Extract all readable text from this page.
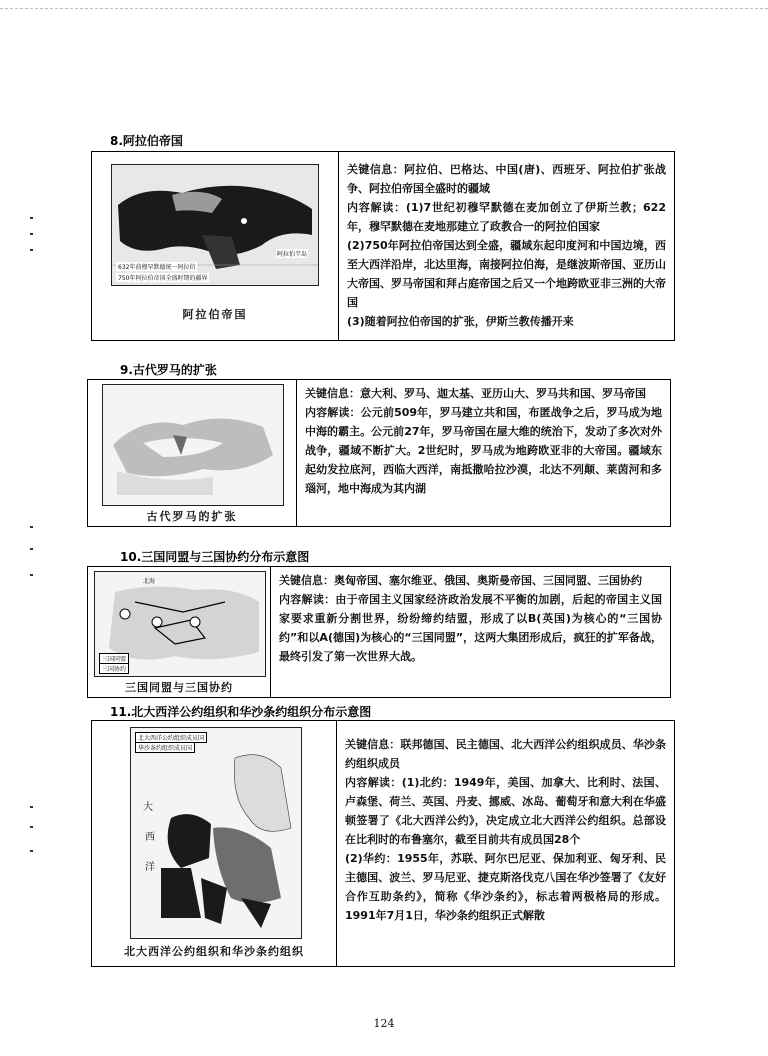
8.阿拉伯帝国
632年前穆罕默德统一阿拉伯
750年阿拉伯帝国全盛时期的疆界
阿拉伯半岛
阿拉伯帝国

关键信息：阿拉伯、巴格达、中国(唐)、西班牙、阿拉伯扩张战争、阿拉伯帝国全盛时的疆域

内容解读：(1)7世纪初穆罕默德在麦加创立了伊斯兰教；622年，穆罕默德在麦地那建立了政教合一的阿拉伯国家

(2)750年阿拉伯帝国达到全盛，疆域东起印度河和中国边境，西至大西洋沿岸，北达里海，南接阿拉伯海，是继波斯帝国、亚历山大帝国、罗马帝国和拜占庭帝国之后又一个地跨欧亚非三洲的大帝国

(3)随着阿拉伯帝国的扩张，伊斯兰教传播开来

9.古代罗马的扩张
古代罗马的扩张

关键信息：意大利、罗马、迦太基、亚历山大、罗马共和国、罗马帝国

内容解读：公元前509年，罗马建立共和国，布匿战争之后，罗马成为地中海的霸主。公元前27年，罗马帝国在屋大维的统治下，发动了多次对外战争，疆域不断扩大。2世纪时，罗马成为地跨欧亚非的大帝国。疆域东起幼发拉底河，西临大西洋，南抵撒哈拉沙漠，北达不列颠、莱茵河和多瑙河，地中海成为其内湖

10.三国同盟与三国协约分布示意图
北海
三国同盟
三国协约
三国同盟与三国协约

关键信息：奥匈帝国、塞尔维亚、俄国、奥斯曼帝国、三国同盟、三国协约

内容解读：由于帝国主义国家经济政治发展不平衡的加剧，后起的帝国主义国家要求重新分割世界，纷纷缔约结盟，形成了以B(英国)为核心的“三国协约”和以A(德国)为核心的“三国同盟”，这两大集团形成后，疯狂的扩军备战，最终引发了第一次世界大战。

11.北大西洋公约组织和华沙条约组织分布示意图
北大西洋公约组织成员国
华沙条约组织成员国
大
西
洋
北大西洋公约组织和华沙条约组织

关键信息：联邦德国、民主德国、北大西洋公约组织成员、华沙条约组织成员

内容解读：(1)北约：1949年，美国、加拿大、比利时、法国、卢森堡、荷兰、英国、丹麦、挪威、冰岛、葡萄牙和意大利在华盛顿签署了《北大西洋公约》，决定成立北大西洋公约组织。总部设在比利时的布鲁塞尔，截至目前共有成员国28个

(2)华约：1955年，苏联、阿尔巴尼亚、保加利亚、匈牙利、民主德国、波兰、罗马尼亚、捷克斯洛伐克八国在华沙签署了《友好合作互助条约》，简称《华沙条约》，标志着两极格局的形成。1991年7月1日，华沙条约组织正式解散

124
